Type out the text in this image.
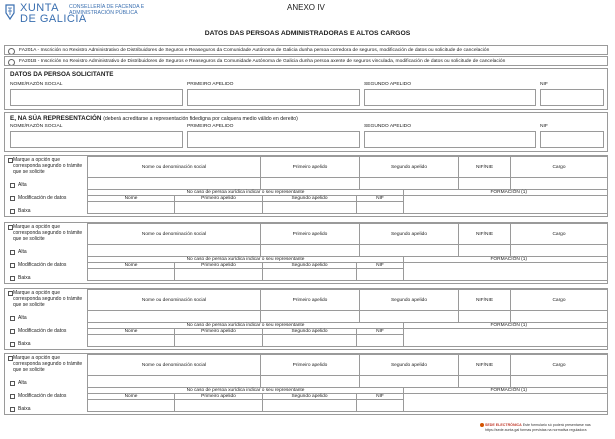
XUNTA
DE GALICIA
CONSELLERÍA DE FACENDA E ADMINISTRACIÓN PÚBLICA
ANEXO IV
DATOS DAS PERSOAS ADMINISTRADORAS E ALTOS CARGOS
FA201A - Inscrición no Rexistro Administrativo de Distribuidores de Seguros e Reaseguros da Comunidade Autónoma de Galicia dunha persoa corredora de seguros, modificación de datos ou solicitude de cancelación
FA201B - Inscrición no Rexistro Administrativo de Distribuidores de Seguros e Reaseguros da Comunidade Autónoma de Galicia dunha persoa axente de seguros vinculada, modificación de datos ou solicitude de cancelación
DATOS DA PERSOA SOLICITANTE
NOME/RAZÓN SOCIAL	PRIMEIRO APELIDO	SEGUNDO APELIDO	NIF
E, NA SÚA REPRESENTACIÓN (deberá acreditarse a representación fidedigna por calquera medio válido en dereito)
NOME/RAZÓN SOCIAL	PRIMEIRO APELIDO	SEGUNDO APELIDO	NIF
Marque a opción que corresponda segundo o trámite que se solicite
Nome ou denominación social	Primeiro apelido	Segundo apelido	NIF/NIE	Cargo
Alta
Modificación de datos
Baixa
No caso de persoa xurídica indicar o seu representante	FORMACIÓN (1)
Nome	Primeiro apelido	Segundo apelido	NIF
Marque a opción que corresponda segundo o trámite que se solicite
Nome ou denominación social	Primeiro apelido	Segundo apelido	NIF/NIE	Cargo
Alta
Modificación de datos
Baixa
No caso de persoa xurídica indicar o seu representante	FORMACIÓN (1)
Nome	Primeiro apelido	Segundo apelido	NIF
Marque a opción que corresponda segundo o trámite que se solicite
Nome ou denominación social	Primeiro apelido	Segundo apelido	NIF/NIE	Cargo
Alta
Modificación de datos
Baixa
No caso de persoa xurídica indicar o seu representante	FORMACIÓN (1)
Nome	Primeiro apelido	Segundo apelido	NIF
Marque a opción que corresponda segundo o trámite que se solicite
Nome ou denominación social	Primeiro apelido	Segundo apelido	NIF/NIE	Cargo
Alta
Modificación de datos
Baixa
No caso de persoa xurídica indicar o seu representante	FORMACIÓN (1)
Nome	Primeiro apelido	Segundo apelido	NIF
SEDE ELECTRÓNICA Este formulario só poderá presentarse nas
https://sede.xunta.gal formas previstas na normativa reguladora
